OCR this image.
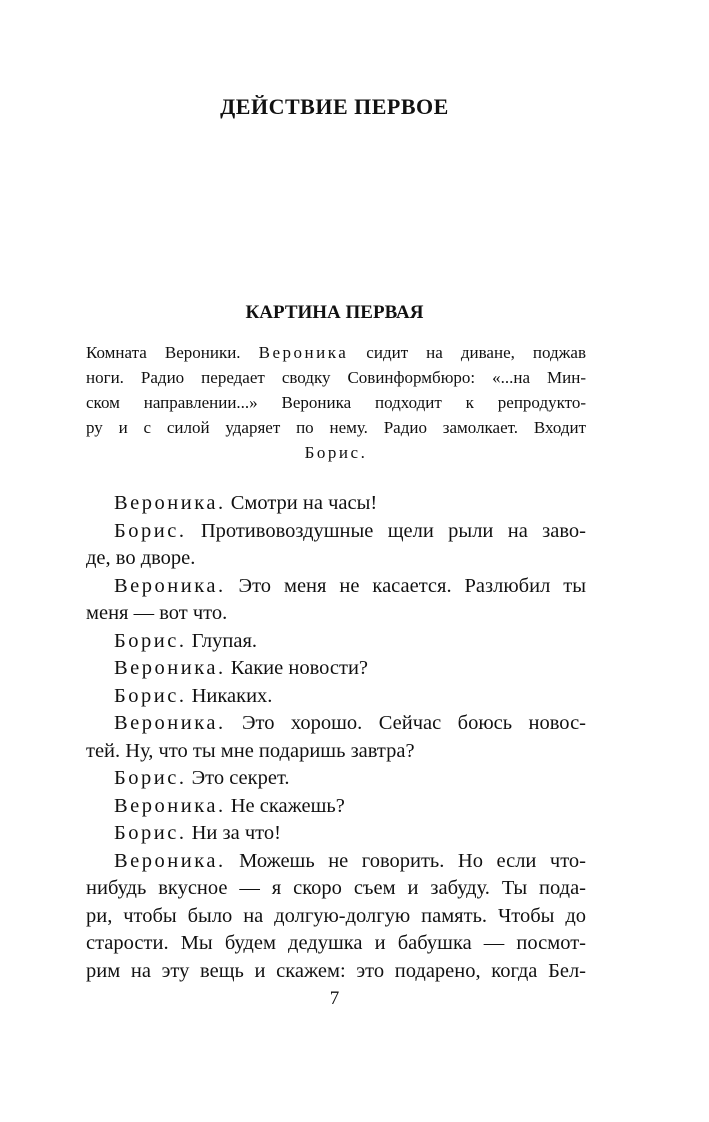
ДЕЙСТВИЕ ПЕРВОЕ
КАРТИНА ПЕРВАЯ
Комната Вероники. Вероника сидит на диване, поджав
ноги. Радио передает сводку Совинформбюро: «...на Мин-
ском направлении...» Вероника подходит к репродукто-
ру и с силой ударяет по нему. Радио замолкает. Входит
Борис.
Вероника. Смотри на часы!
Борис. Противовоздушные щели рыли на заво-
де, во дворе.
Вероника. Это меня не касается. Разлюбил ты
меня — вот что.
Борис. Глупая.
Вероника. Какие новости?
Борис. Никаких.
Вероника. Это хорошо. Сейчас боюсь новос-
тей. Ну, что ты мне подаришь завтра?
Борис. Это секрет.
Вероника. Не скажешь?
Борис. Ни за что!
Вероника. Можешь не говорить. Но если что-
нибудь вкусное — я скоро съем и забуду. Ты пода-
ри, чтобы было на долгую-долгую память. Чтобы до
старости. Мы будем дедушка и бабушка — посмот-
рим на эту вещь и скажем: это подарено, когда Бел-
7
